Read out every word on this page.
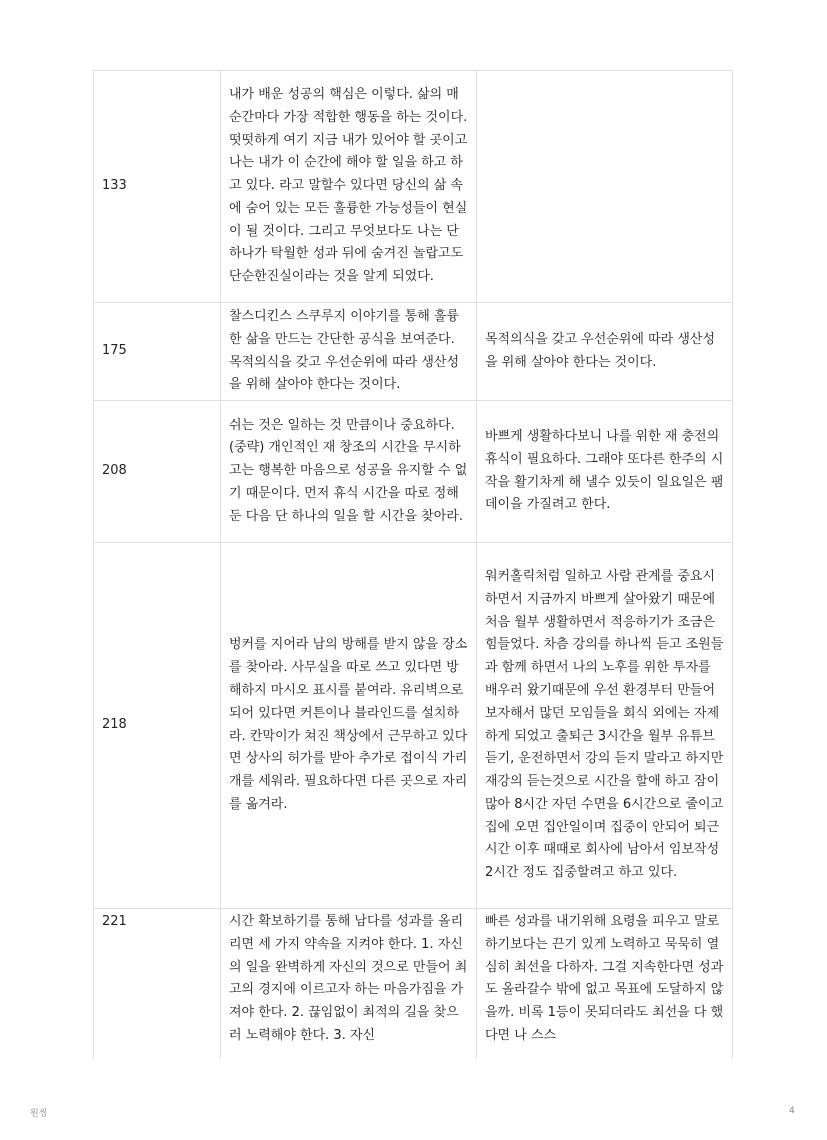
133	내가 배운 성공의 핵심은 이렇다. 삶의 매순간마다 가장 적합한 행동을 하는 것이다. 떳떳하게 여기 지금 내가 있어야 할 곳이고 나는 내가 이 순간에 해야 할 일을 하고 하고 있다. 라고 말할수 있다면 당신의 삶 속에 숨어 있는 모든 훌륭한 가능성들이 현실이 될 것이다. 그리고 무엇보다도 나는 단하나가 탁월한 성과 뒤에 숨겨진 놀랍고도 단순한진실이라는 것을 알게 되었다.	
175	찰스디킨스 스쿠루지 이야기를 통해 훌륭한 삶을 만드는 간단한 공식을 보여준다. 목적의식을 갖고 우선순위에 따라 생산성을 위해 살아야 한다는 것이다.	목적의식을 갖고 우선순위에 따라 생산성을 위해 살아야 한다는 것이다.
208	쉬는 것은 일하는 것 만큼이나 중요하다. (중략) 개인적인 재 창조의 시간을 무시하고는 행복한 마음으로 성공을 유지할 수 없기 때문이다. 먼저 휴식 시간을 따로 정해 둔 다음 단 하나의 일을 할 시간을 찾아라.	바쁘게 생활하다보니 나를 위한 재 충전의 휴식이 필요하다. 그래야 또다른 한주의 시작을 활기차게 해 낼수 있듯이 일요일은 팸데이을 가질려고 한다.
218	벙커를 지어라 남의 방해를 받지 않을 장소를 찾아라. 사무실을 따로 쓰고 있다면 방해하지 마시오 표시를 붙여라. 유리벽으로 되어 있다면 커튼이나 블라인드를 설치하라. 칸막이가 쳐진 책상에서 근무하고 있다면 상사의 허가를 받아 추가로 접이식 가리개를 세워라. 필요하다면 다른 곳으로 자리를 옮겨라.	워커홀릭처럼 일하고 사람 관계를 중요시 하면서 지금까지 바쁘게 살아왔기 때문에 처음 월부 생활하면서 적응하기가 조금은 힘들었다. 차츰 강의를 하나씩 듣고 조원들과 함께 하면서 나의 노후를 위한 투자를 배우러 왔기때문에 우선 환경부터 만들어 보자해서 많던 모임들을 회식 외에는 자제 하게 되었고 출퇴근 3시간을 월부 유튜브듣기, 운전하면서 강의 듣지 말라고 하지만 재강의 듣는것으로 시간을 할애 하고 잠이 많아 8시간 자던 수면을 6시간으로 줄이고 집에 오면 집안일이며 집중이 안되어 퇴근시간 이후 때때로 회사에 남아서 임보작성 2시간 정도 집중할려고 하고 있다.
221	시간 확보하기를 통해 남다를 성과를 올리리면 세 가지 약속을 지켜야 한다. 1. 자신의 일을 완벽하게 자신의 것으로 만들어 최고의 경지에 이르고자 하는 마음가짐을 가져야 한다. 2. 끊임없이 최적의 길을 찾으러 노력해야 한다. 3. 자신	빠른 성과를 내기위해 요령을 피우고 말로 하기보다는 끈기 있게 노력하고 묵묵히 열심히 최선을 다하자. 그걸 지속한다면 성과도 올라갈수 밖에 없고 목표에 도달하지 않을까. 비록 1등이 못되더라도 최선을 다 했다면 나 스스
원씽	4
